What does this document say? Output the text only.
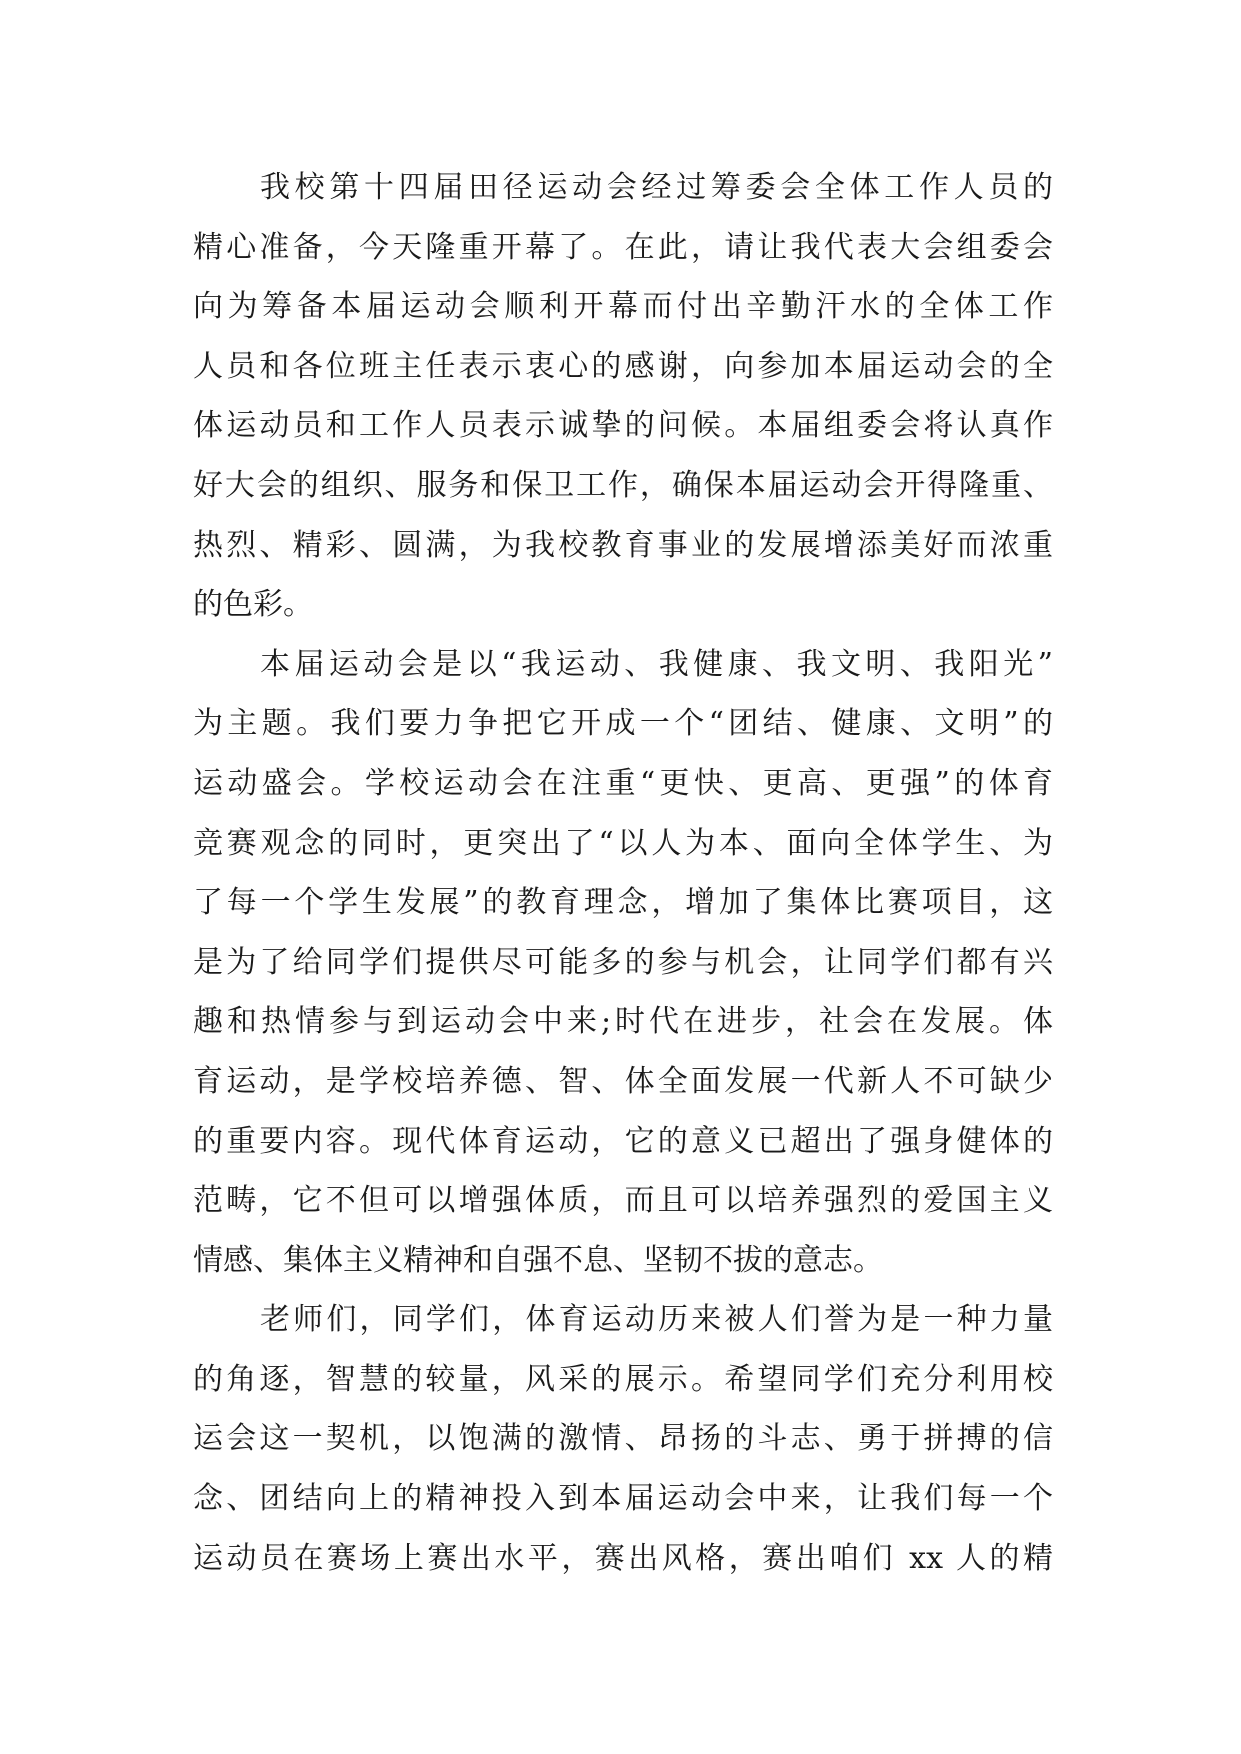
我校第十四届田径运动会经过筹委会全体工作人员的
精心准备，今天隆重开幕了。在此，请让我代表大会组委会
向为筹备本届运动会顺利开幕而付出辛勤汗水的全体工作
人员和各位班主任表示衷心的感谢，向参加本届运动会的全
体运动员和工作人员表示诚挚的问候。本届组委会将认真作
好大会的组织、服务和保卫工作，确保本届运动会开得隆重、
热烈、精彩、圆满，为我校教育事业的发展增添美好而浓重
的色彩。
本届运动会是以“我运动、我健康、我文明、我阳光”
为主题。我们要力争把它开成一个“团结、健康、文明”的
运动盛会。学校运动会在注重“更快、更高、更强”的体育
竞赛观念的同时，更突出了“以人为本、面向全体学生、为
了每一个学生发展”的教育理念，增加了集体比赛项目，这
是为了给同学们提供尽可能多的参与机会，让同学们都有兴
趣和热情参与到运动会中来;时代在进步，社会在发展。体
育运动，是学校培养德、智、体全面发展一代新人不可缺少
的重要内容。现代体育运动，它的意义已超出了强身健体的
范畴，它不但可以增强体质，而且可以培养强烈的爱国主义
情感、集体主义精神和自强不息、坚韧不拔的意志。
老师们，同学们，体育运动历来被人们誉为是一种力量
的角逐，智慧的较量，风采的展示。希望同学们充分利用校
运会这一契机，以饱满的激情、昂扬的斗志、勇于拼搏的信
念、团结向上的精神投入到本届运动会中来，让我们每一个
运动员在赛场上赛出水平，赛出风格，赛出咱们 xx 人的精
